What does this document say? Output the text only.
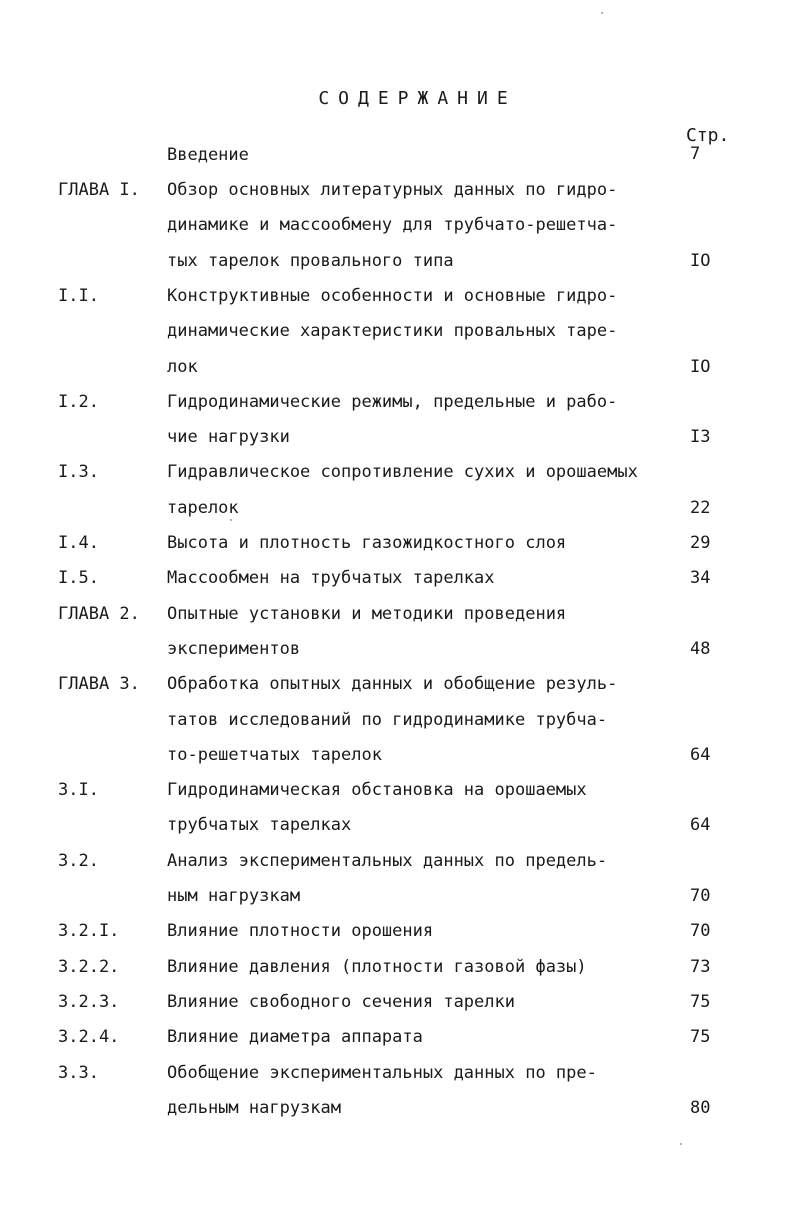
СОДЕРЖАНИЕ
Стр.
Введение	7
ГЛАВА I. Обзор основных литературных данных по гидро-
динамике и массообмену для трубчато-решетча-
тых тарелок провального типа	IO
I.I.	Конструктивные особенности и основные гидро-
динамические характеристики провальных таре-
лок	IO
I.2.	Гидродинамические режимы, предельные и рабо-
чие нагрузки	I3
I.3.	Гидравлическое сопротивление сухих и орошаемых
тарелок	22
I.4.	Высота и плотность газожидкостного слоя	29
I.5.	Массообмен на трубчатых тарелках	34
ГЛАВА 2. Опытные установки и методики проведения
экспериментов	48
ГЛАВА 3. Обработка опытных данных и обобщение резуль-
татов исследований по гидродинамике трубча-
то-решетчатых тарелок	64
3.I.	Гидродинамическая обстановка на орошаемых
трубчатых тарелках	64
3.2.	Анализ экспериментальных данных по предель-
ным нагрузкам	70
3.2.I.	Влияние плотности орошения	70
3.2.2.	Влияние давления (плотности газовой фазы)	73
3.2.3.	Влияние свободного сечения тарелки	75
3.2.4.	Влияние диаметра аппарата	75
3.3.	Обобщение экспериментальных данных по пре-
дельным нагрузкам	80
